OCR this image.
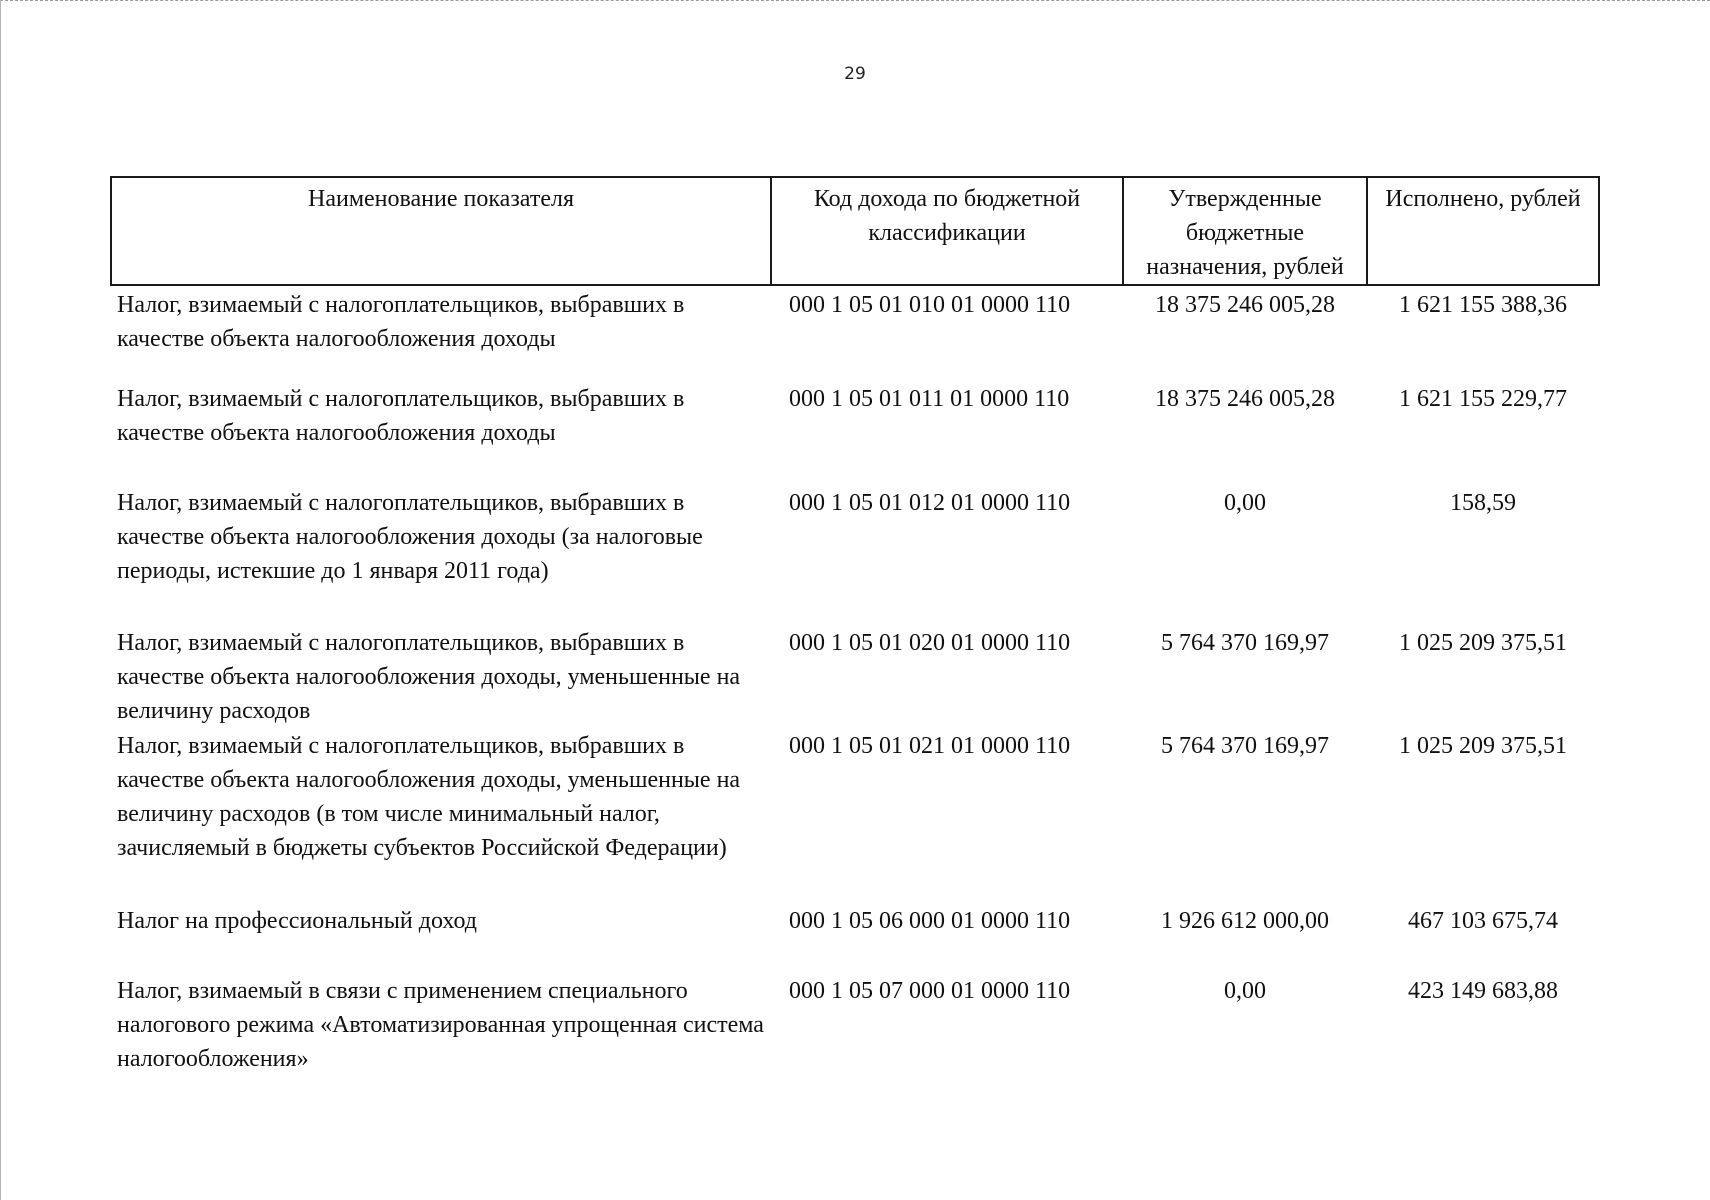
29
Наименование показателя	Код дохода по бюджетной классификации	Утвержденные бюджетные назначения, рублей	Исполнено, рублей
Налог, взимаемый с налогоплательщиков, выбравших в качестве объекта налогообложения доходы	000 1 05 01 010 01 0000 110	18 375 246 005,28	1 621 155 388,36
Налог, взимаемый с налогоплательщиков, выбравших в качестве объекта налогообложения доходы	000 1 05 01 011 01 0000 110	18 375 246 005,28	1 621 155 229,77
Налог, взимаемый с налогоплательщиков, выбравших в качестве объекта налогообложения доходы (за налоговые периоды, истекшие до 1 января 2011 года)	000 1 05 01 012 01 0000 110	0,00	158,59
Налог, взимаемый с налогоплательщиков, выбравших в качестве объекта налогообложения доходы, уменьшенные на величину расходов	000 1 05 01 020 01 0000 110	5 764 370 169,97	1 025 209 375,51
Налог, взимаемый с налогоплательщиков, выбравших в качестве объекта налогообложения доходы, уменьшенные на величину расходов (в том числе минимальный налог, зачисляемый в бюджеты субъектов Российской Федерации)	000 1 05 01 021 01 0000 110	5 764 370 169,97	1 025 209 375,51
Налог на профессиональный доход	000 1 05 06 000 01 0000 110	1 926 612 000,00	467 103 675,74
Налог, взимаемый в связи с применением специального налогового режима «Автоматизированная упрощенная система налогообложения»	000 1 05 07 000 01 0000 110	0,00	423 149 683,88
